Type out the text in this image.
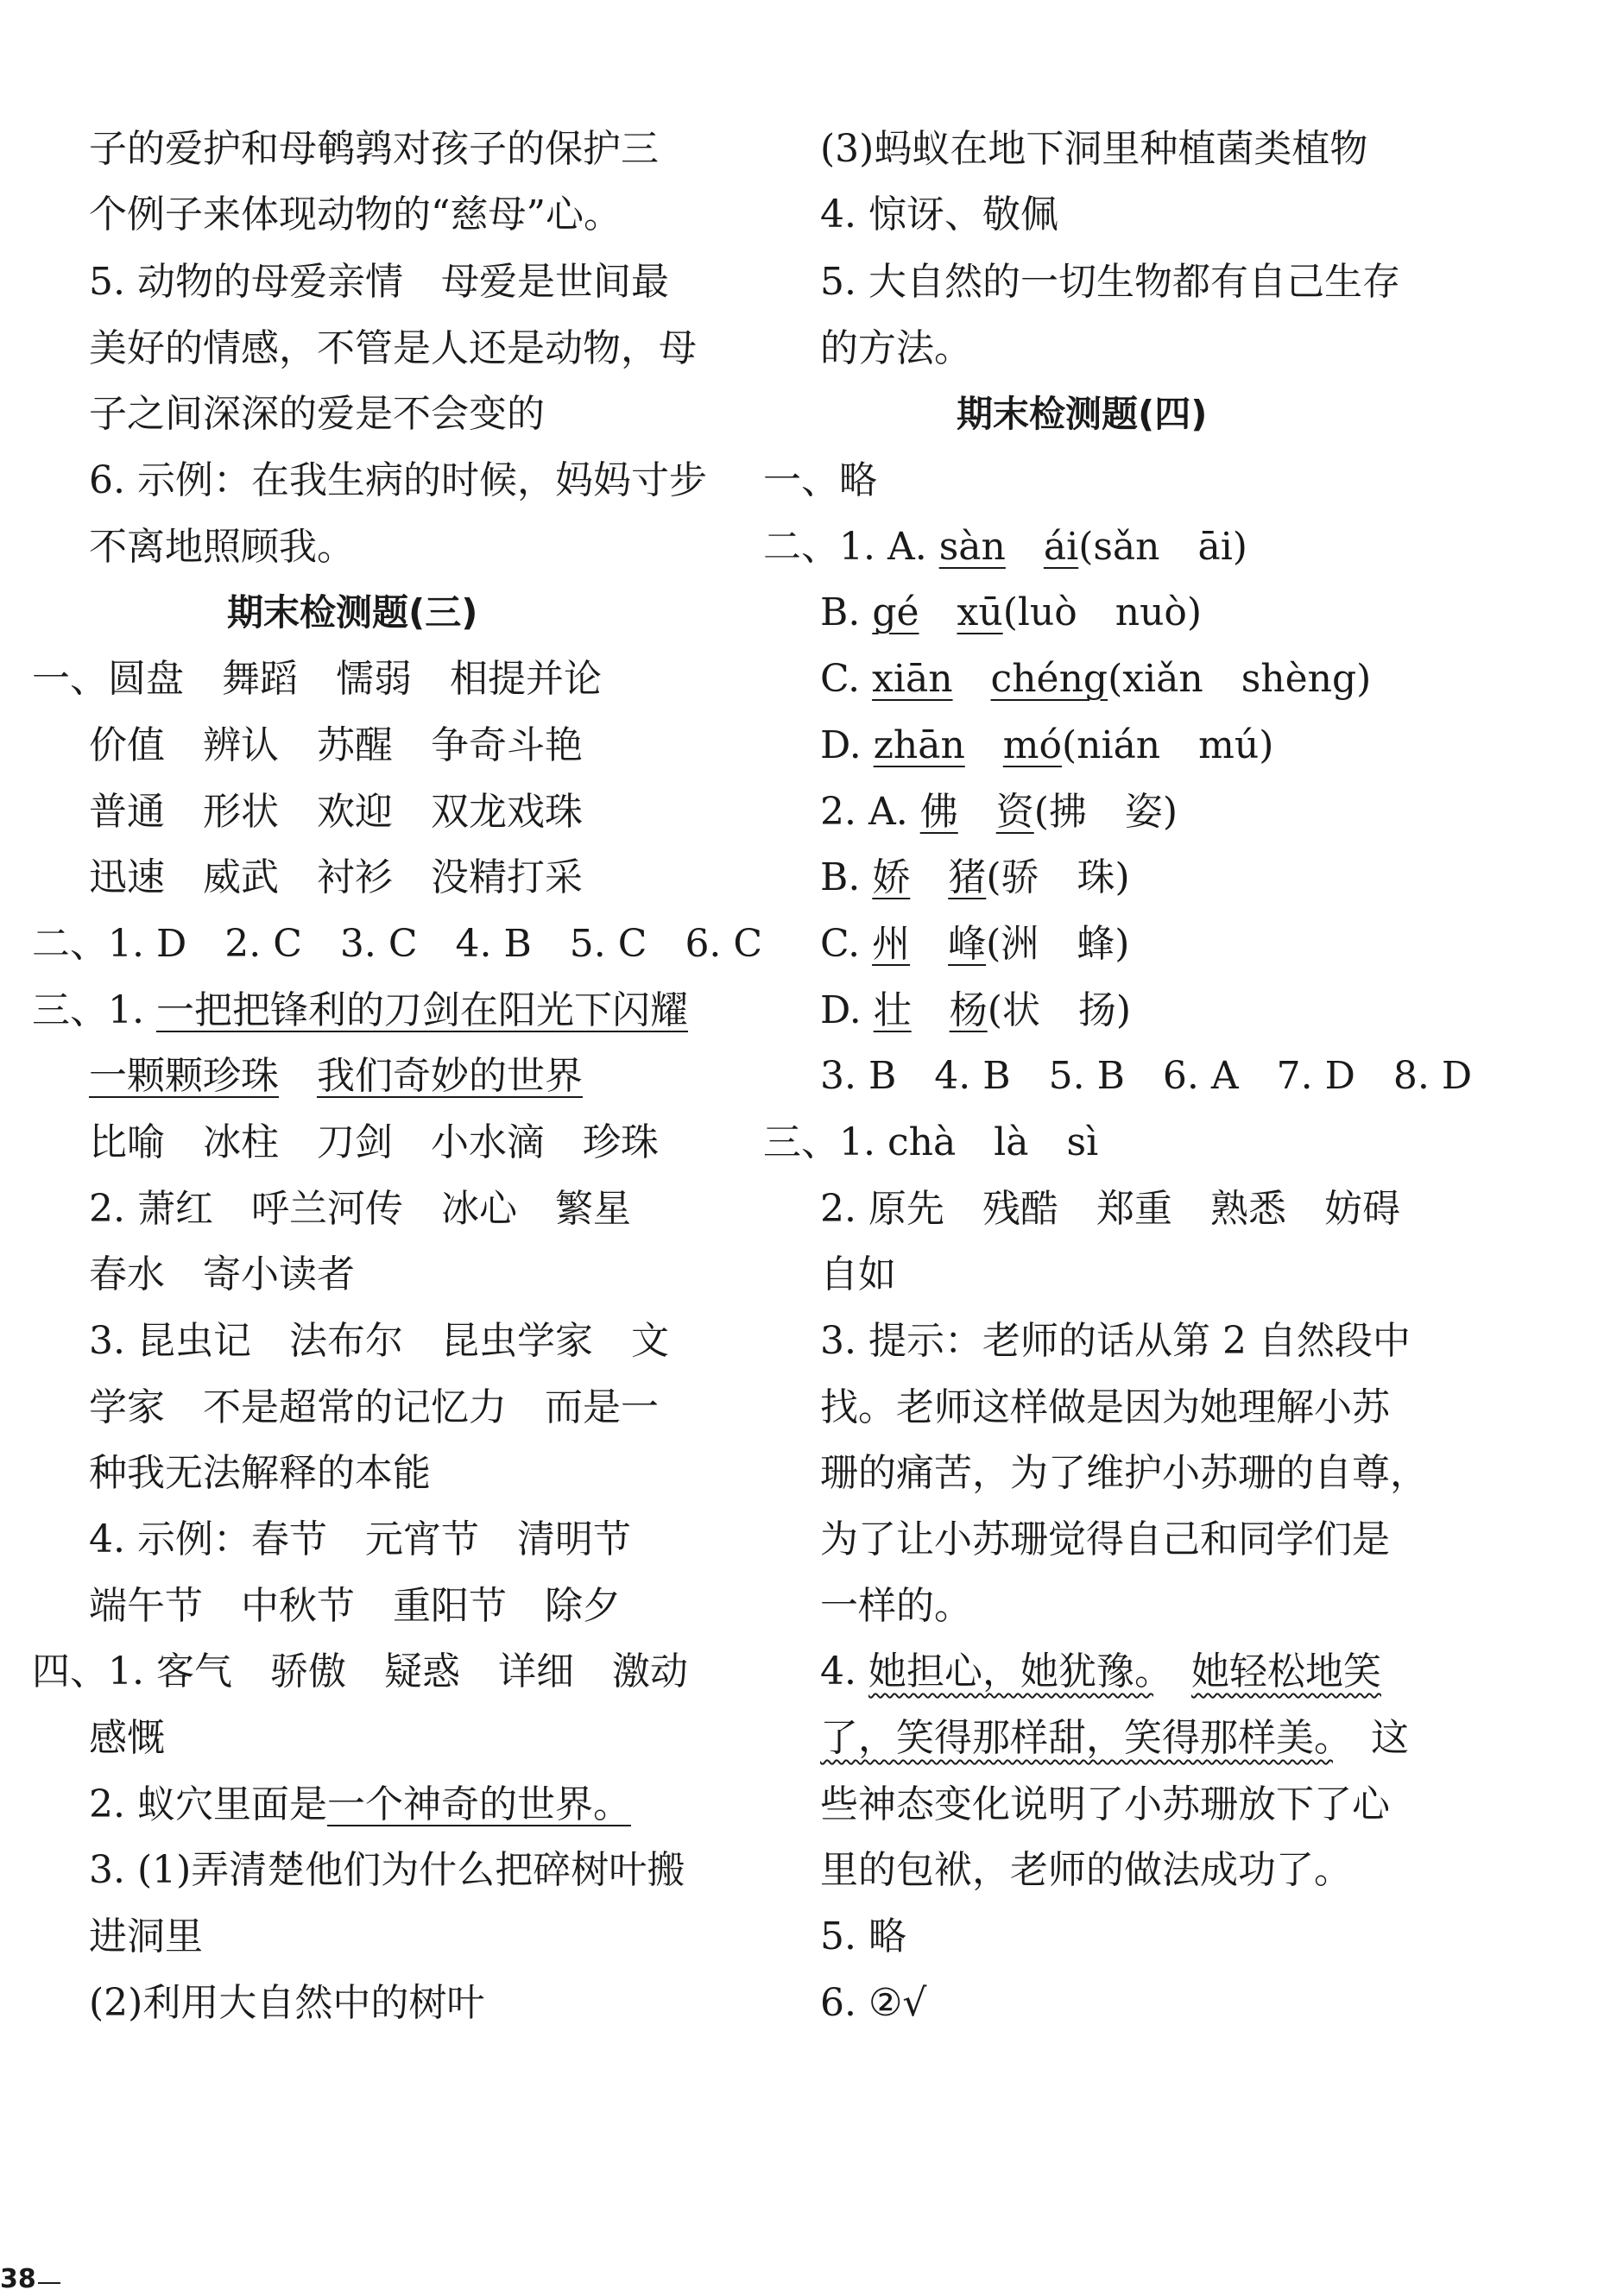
子的爱护和母鹌鹑对孩子的保护三
个例子来体现动物的“慈母”心。
5. 动物的母爱亲情　母爱是世间最
美好的情感，不管是人还是动物，母
子之间深深的爱是不会变的
6. 示例：在我生病的时候，妈妈寸步
不离地照顾我。
期末检测题(三)
一、圆盘　舞蹈　懦弱　相提并论
价值　辨认　苏醒　争奇斗艳
普通　形状　欢迎　双龙戏珠
迅速　威武　衬衫　没精打采
二、1. D　2. C　3. C　4. B　5. C　6. C
三、1. 一把把锋利的刀剑在阳光下闪耀
一颗颗珍珠　 我们奇妙的世界
比喻　冰柱　刀剑　小水滴　珍珠
2. 萧红　呼兰河传　冰心　繁星
春水　寄小读者
3. 昆虫记　法布尔　昆虫学家　文
学家　不是超常的记忆力　而是一
种我无法解释的本能
4. 示例：春节　元宵节　清明节
端午节　中秋节　重阳节　除夕
四、1. 客气　骄傲　疑惑　详细　激动
感慨
2. 蚁穴里面是一个神奇的世界。
3. (1)弄清楚他们为什么把碎树叶搬
进洞里
(2)利用大自然中的树叶
(3)蚂蚁在地下洞里种植菌类植物
4. 惊讶、敬佩
5. 大自然的一切生物都有自己生存
的方法。
期末检测题(四)
一、略
二、1. A. sàn　 ái(sǎn　āi)
B. gé　 xū(luò　nuò)
C. xiān　 chéng(xiǎn　shèng)
D. zhān　 mó(nián　mú)
2. A. 佛　 资(拂　姿)
B. 娇　 猪(骄　珠)
C. 州　 峰(洲　蜂)
D. 壮　 杨(状　扬)
3. B　4. B　5. B　6. A　7. D　8. D
三、1. chà　là　sì
2. 原先　残酷　郑重　熟悉　妨碍
自如
3. 提示：老师的话从第 2 自然段中
找。老师这样做是因为她理解小苏
珊的痛苦，为了维护小苏珊的自尊，
为了让小苏珊觉得自己和同学们是
一样的。
4. 她担心，她犹豫。　 她轻松地笑
了，笑得那样甜，笑得那样美。　这
些神态变化说明了小苏珊放下了心
里的包袱，老师的做法成功了。
5. 略
6. ②√
38
